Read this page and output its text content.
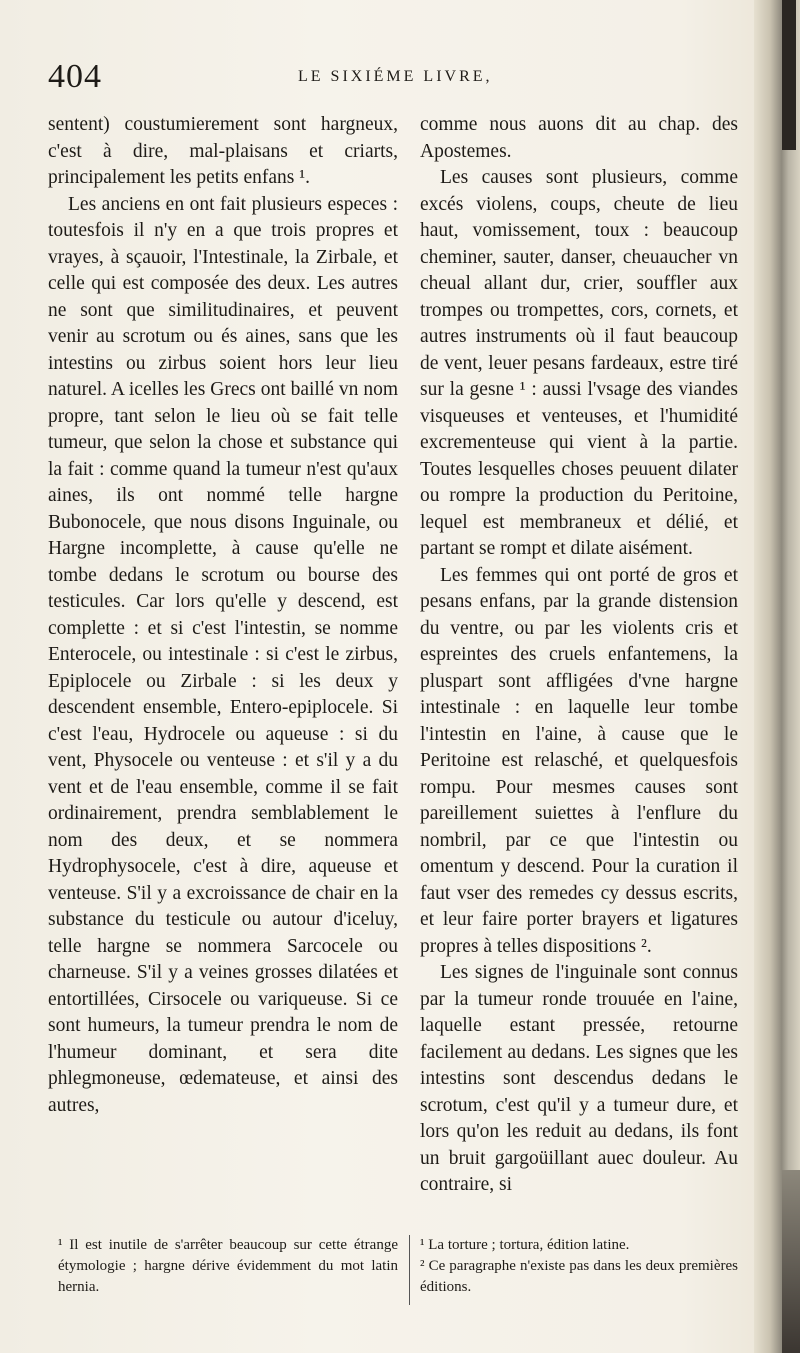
404	LE SIXIÉME LIVRE,

sentent) coustumierement sont hargneux, c'est à dire, mal-plaisans et criarts, principalement les petits enfans ¹.

Les anciens en ont fait plusieurs especes : toutesfois il n'y en a que trois propres et vrayes, à sçauoir, l'Intestinale, la Zirbale, et celle qui est composée des deux. Les autres ne sont que similitudinaires, et peuvent venir au scrotum ou és aines, sans que les intestins ou zirbus soient hors leur lieu naturel. A icelles les Grecs ont baillé vn nom propre, tant selon le lieu où se fait telle tumeur, que selon la chose et substance qui la fait : comme quand la tumeur n'est qu'aux aines, ils ont nommé telle hargne Bubonocele, que nous disons Inguinale, ou Hargne incomplette, à cause qu'elle ne tombe dedans le scrotum ou bourse des testicules. Car lors qu'elle y descend, est complette : et si c'est l'intestin, se nomme Enterocele, ou intestinale : si c'est le zirbus, Epiplocele ou Zirbale : si les deux y descendent ensemble, Entero-epiplocele. Si c'est l'eau, Hydrocele ou aqueuse : si du vent, Physocele ou venteuse : et s'il y a du vent et de l'eau ensemble, comme il se fait ordinairement, prendra semblablement le nom des deux, et se nommera Hydrophysocele, c'est à dire, aqueuse et venteuse. S'il y a excroissance de chair en la substance du testicule ou autour d'iceluy, telle hargne se nommera Sarcocele ou charneuse. S'il y a veines grosses dilatées et entortillées, Cirsocele ou variqueuse. Si ce sont humeurs, la tumeur prendra le nom de l'humeur dominant, et sera dite phlegmoneuse, œdemateuse, et ainsi des autres,

comme nous auons dit au chap. des Apostemes.

Les causes sont plusieurs, comme excés violens, coups, cheute de lieu haut, vomissement, toux : beaucoup cheminer, sauter, danser, cheuaucher vn cheual allant dur, crier, souffler aux trompes ou trompettes, cors, cornets, et autres instruments où il faut beaucoup de vent, leuer pesans fardeaux, estre tiré sur la gesne ¹ : aussi l'vsage des viandes visqueuses et venteuses, et l'humidité excrementeuse qui vient à la partie. Toutes lesquelles choses peuuent dilater ou rompre la production du Peritoine, lequel est membraneux et délié, et partant se rompt et dilate aisément.

Les femmes qui ont porté de gros et pesans enfans, par la grande distension du ventre, ou par les violents cris et espreintes des cruels enfantemens, la pluspart sont affligées d'vne hargne intestinale : en laquelle leur tombe l'intestin en l'aine, à cause que le Peritoine est relasché, et quelquesfois rompu. Pour mesmes causes sont pareillement suiettes à l'enflure du nombril, par ce que l'intestin ou omentum y descend. Pour la curation il faut vser des remedes cy dessus escrits, et leur faire porter brayers et ligatures propres à telles dispositions ².

Les signes de l'inguinale sont connus par la tumeur ronde trouuée en l'aine, laquelle estant pressée, retourne facilement au dedans. Les signes que les intestins sont descendus dedans le scrotum, c'est qu'il y a tumeur dure, et lors qu'on les reduit au dedans, ils font un bruit gargoüillant auec douleur. Au contraire, si

¹ Il est inutile de s'arrêter beaucoup sur cette étrange étymologie ; hargne dérive évidemment du mot latin hernia.
¹ La torture ; tortura, édition latine.
² Ce paragraphe n'existe pas dans les deux premières éditions.
